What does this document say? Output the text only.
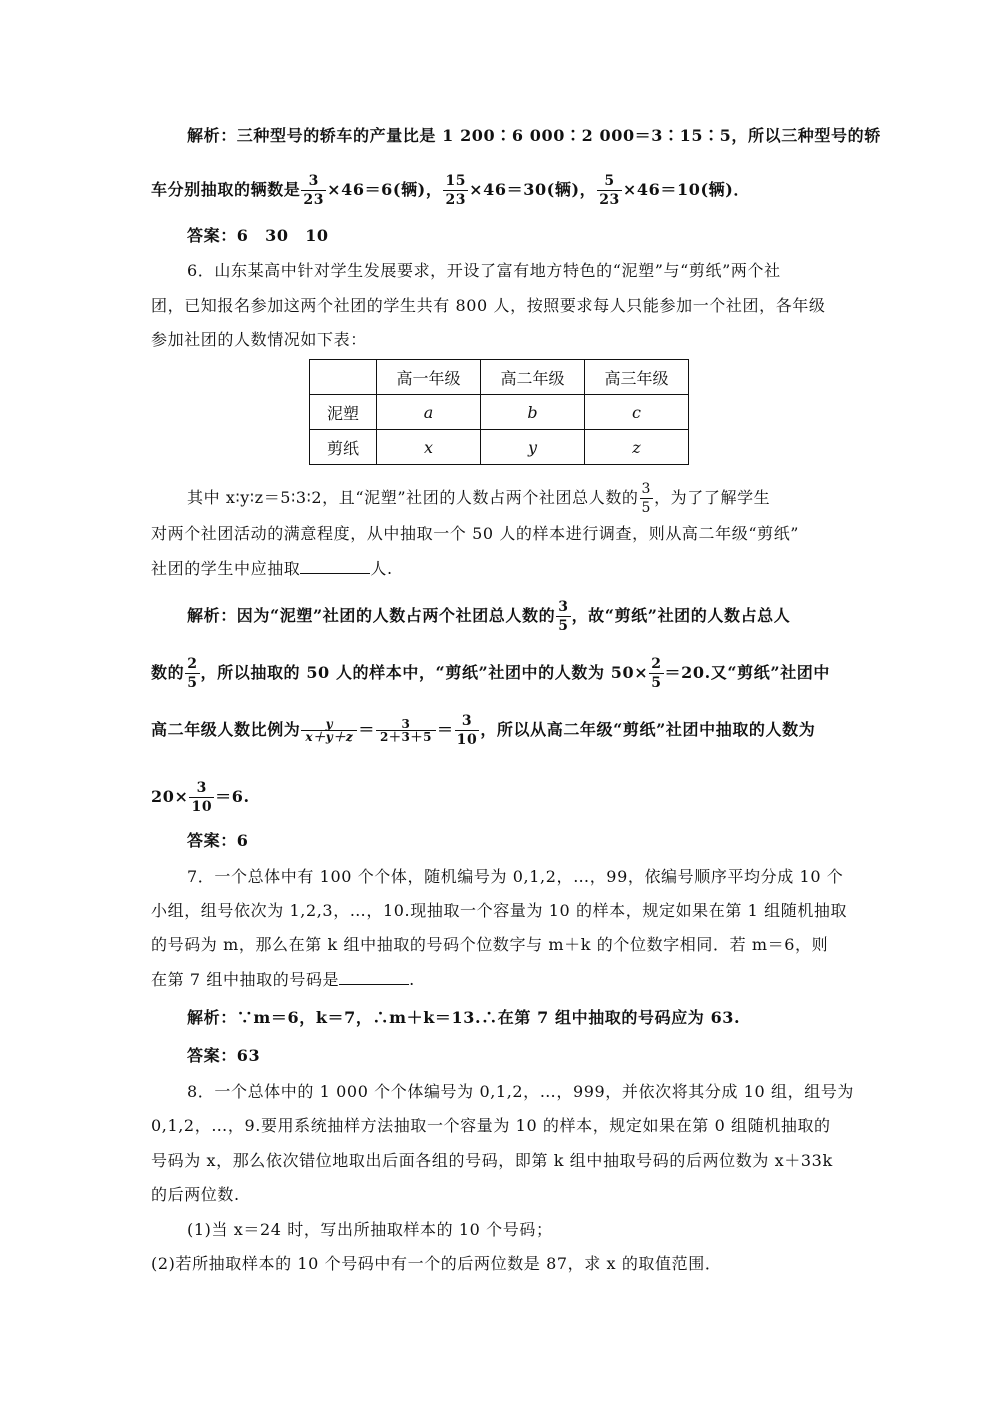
解析：三种型号的轿车的产量比是 1 200∶6 000∶2 000＝3∶15∶5，所以三种型号的轿
车分别抽取的辆数是 $\frac{3}{23} \times 46=6$(辆)， $\frac{15}{23} \times 46=30$(辆)， $\frac{5}{23} \times 46=10$(辆)．
答案：6　30　10
6．山东某高中针对学生发展要求，开设了富有地方特色的“泥塑”与“剪纸”两个社
团，已知报名参加这两个社团的学生共有 800 人，按照要求每人只能参加一个社团，各年级
参加社团的人数情况如下表：
	高一年级	高二年级	高三年级
泥塑	a	b	c
剪纸	x	y	z
其中 x∶y∶z＝5∶3∶2，且“泥塑”社团的人数占两个社团总人数的 $\frac{3}{5}$ ，为了了解学生
对两个社团活动的满意程度，从中抽取一个 50 人的样本进行调查，则从高二年级“剪纸”
社团的学生中应抽取	人.
解析：因为“泥塑”社团的人数占两个社团总人数的 $\frac{3}{5}$ ，故“剪纸”社团的人数占总人
数的 $\frac{2}{5}$ ，所以抽取的 50 人的样本中，“剪纸”社团中的人数为 $50\times \frac{2}{5} =20$.又“剪纸”社团中
高二年级人数比例为 $\frac{y}{x+y+z} = \frac{3}{2+3+5} = \frac{3}{10}$ ，所以从高二年级“剪纸”社团中抽取的人数为
$20\times \frac{3}{10} =6$.
答案：6
7．一个总体中有 100 个个体，随机编号为 0,1,2，…，99，依编号顺序平均分成 10 个
小组，组号依次为 1,2,3，…，10.现抽取一个容量为 10 的样本，规定如果在第 1 组随机抽取
的号码为 m，那么在第 k 组中抽取的号码个位数字与 m＋k 的个位数字相同．若 m＝6，则
在第 7 组中抽取的号码是	.
解析：∵m＝6，k＝7，∴m＋k＝13.∴在第 7 组中抽取的号码应为 63.
答案：63
8．一个总体中的 1 000 个个体编号为 0,1,2，…，999，并依次将其分成 10 组，组号为
0,1,2，…，9.要用系统抽样方法抽取一个容量为 10 的样本，规定如果在第 0 组随机抽取的
号码为 x，那么依次错位地取出后面各组的号码，即第 k 组中抽取号码的后两位数为 x＋33k
的后两位数.
(1)当 x＝24 时，写出所抽取样本的 10 个号码；
(2)若所抽取样本的 10 个号码中有一个的后两位数是 87，求 x 的取值范围．
